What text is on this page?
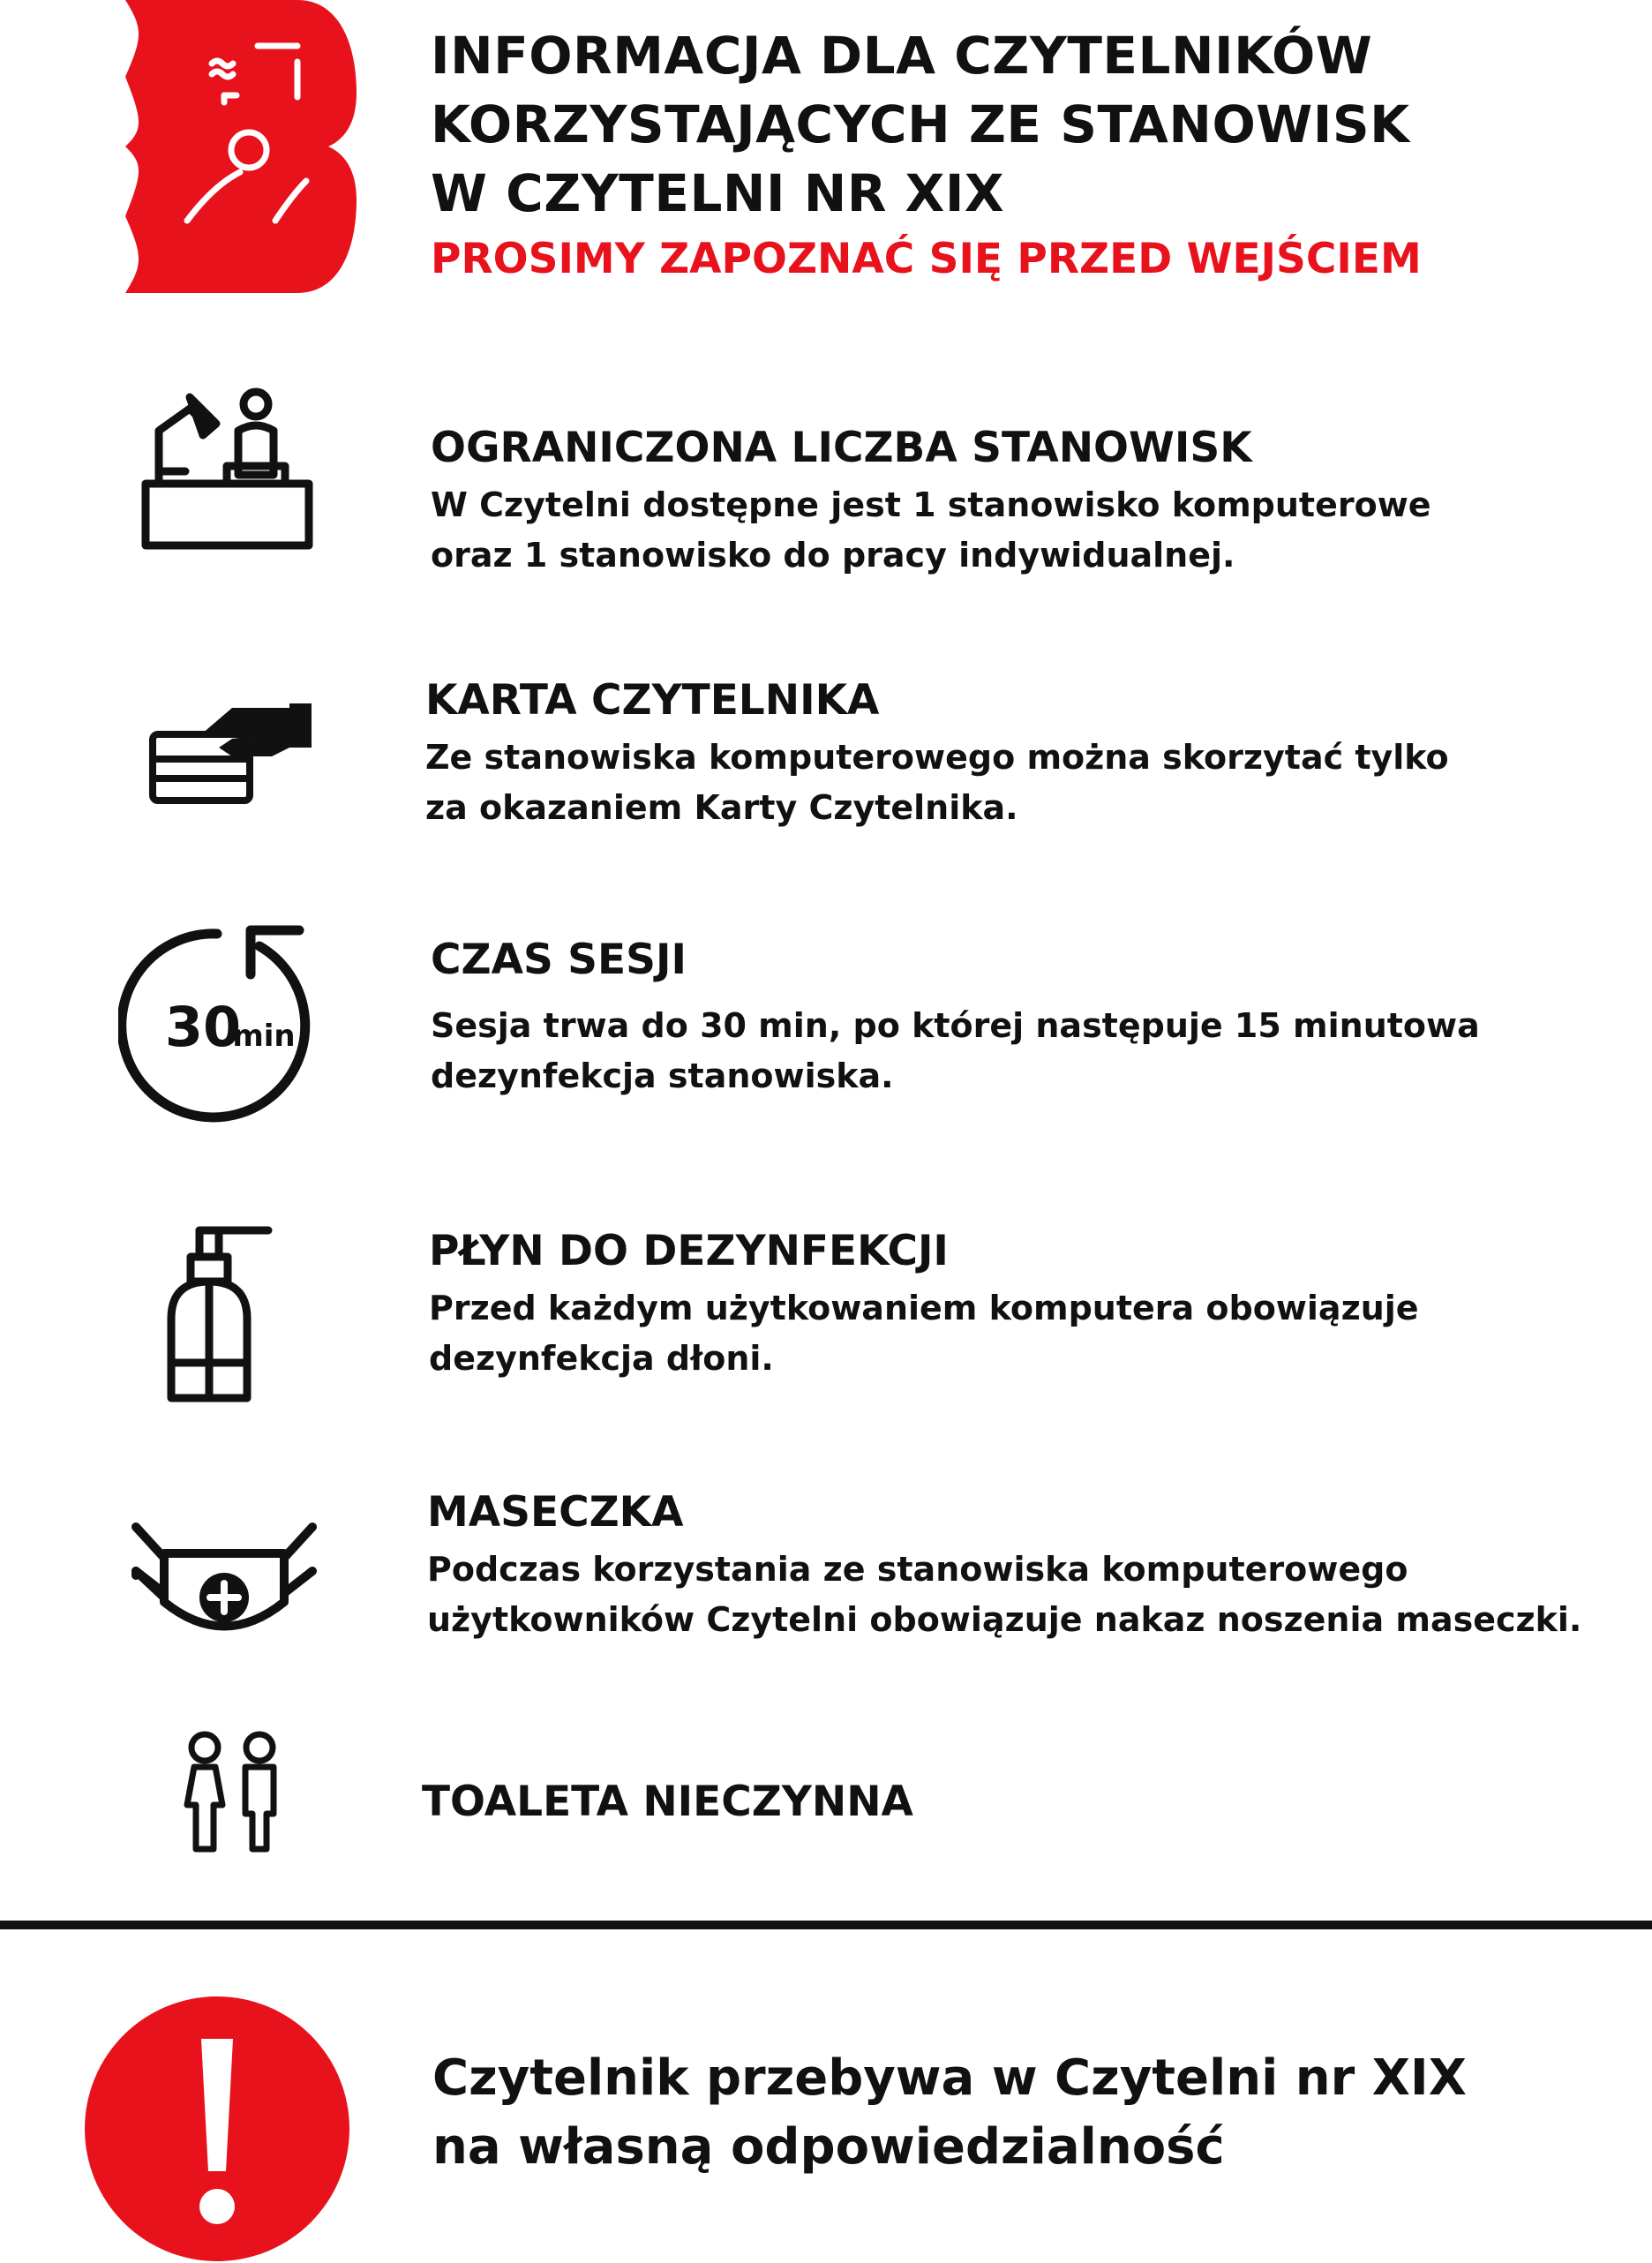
INFORMACJA DLA CZYTELNIKÓW
KORZYSTAJĄCYCH ZE STANOWISK
W CZYTELNI NR XIX
PROSIMY ZAPOZNAĆ SIĘ PRZED WEJŚCIEM
OGRANICZONA LICZBA STANOWISK
W Czytelni dostępne jest 1 stanowisko komputerowe
oraz 1 stanowisko do pracy indywidualnej.
KARTA CZYTELNIKA
Ze stanowiska komputerowego można skorzytać tylko
za okazaniem Karty Czytelnika.
30
min
CZAS SESJI
Sesja trwa do 30 min, po której następuje 15 minutowa
dezynfekcja stanowiska.
PŁYN DO DEZYNFEKCJI
Przed każdym użytkowaniem komputera obowiązuje
dezynfekcja dłoni.
MASECZKA
Podczas korzystania ze stanowiska komputerowego
użytkowników Czytelni obowiązuje nakaz noszenia maseczki.
TOALETA NIECZYNNA
Czytelnik przebywa w Czytelni nr XIX
na własną odpowiedzialność
